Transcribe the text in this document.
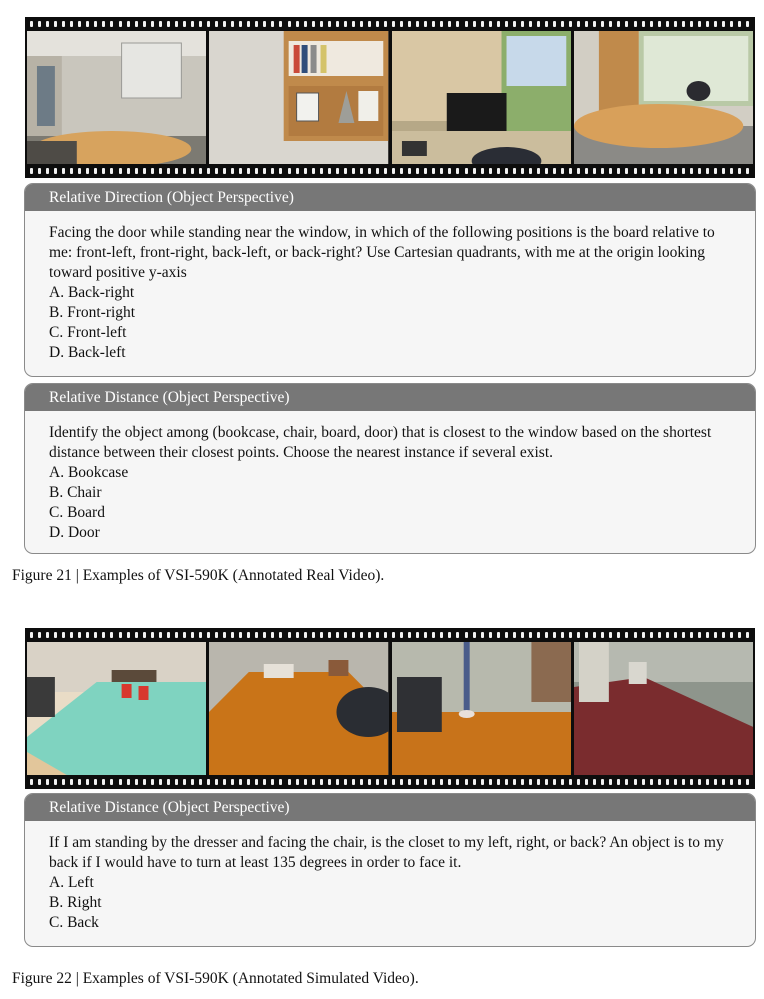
Relative Direction (Object Perspective)

Facing the door while standing near the window, in which of the following positions is the board relative to me: front-left, front-right, back-left, or back-right? Use Cartesian quadrants, with me at the origin looking toward positive y-axis

A. Back-right
B. Front-right
C. Front-left
D. Back-left
Relative Distance (Object Perspective)

Identify the object among (bookcase, chair, board, door) that is closest to the window based on the shortest distance between their closest points. Choose the nearest instance if several exist.

A. Bookcase
B. Chair
C. Board
D. Door
Figure 21 | Examples of VSI-590K (Annotated Real Video).
Relative Distance (Object Perspective)

If I am standing by the dresser and facing the chair, is the closet to my left, right, or back? An object is to my back if I would have to turn at least 135 degrees in order to face it.

A. Left
B. Right
C. Back
Figure 22 | Examples of VSI-590K (Annotated Simulated Video).
